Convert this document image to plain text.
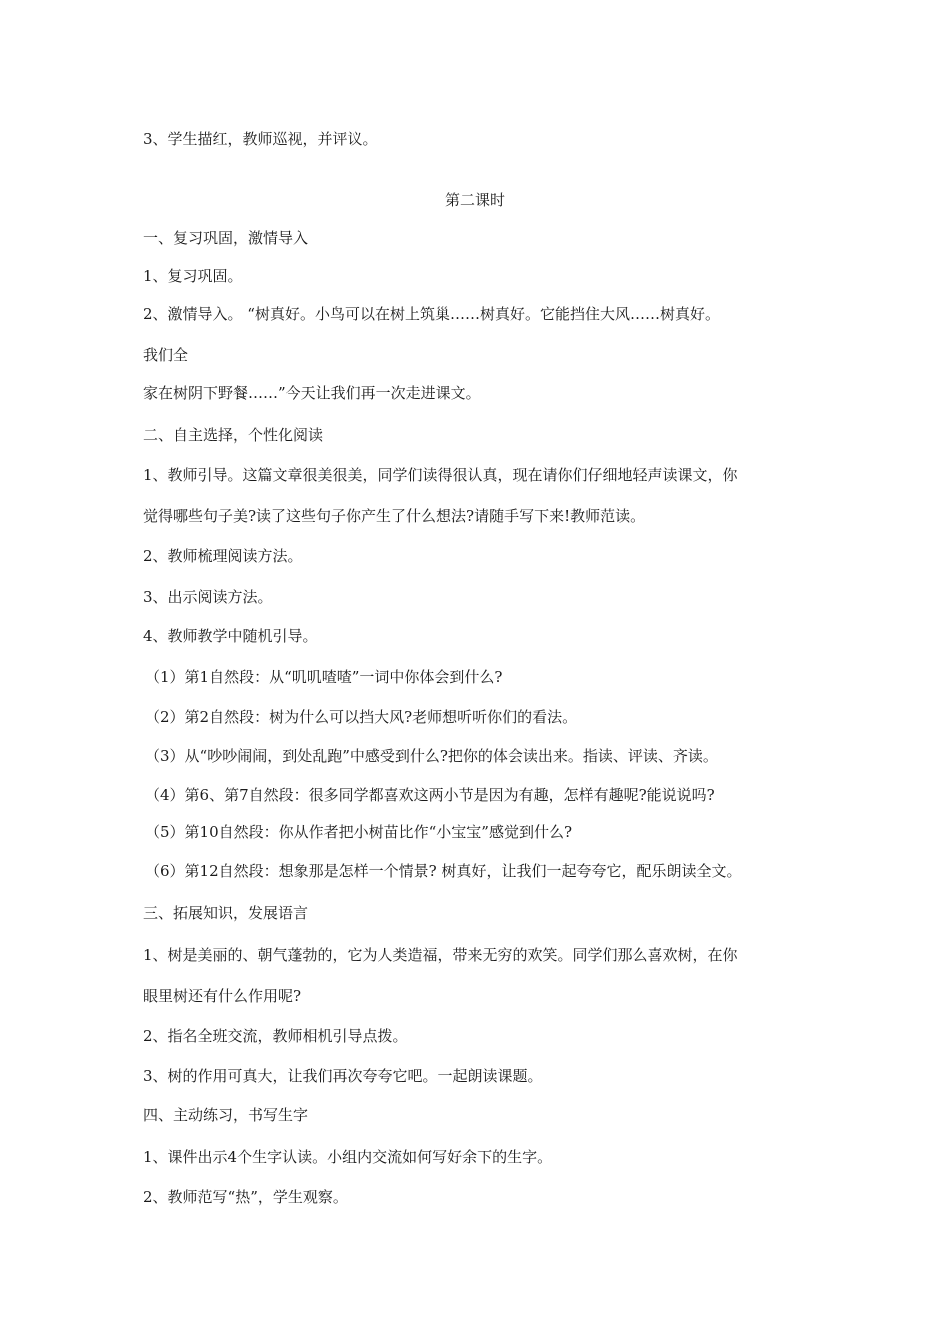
3、学生描红，教师巡视，并评议。
第二课时
一、复习巩固，激情导入
1、复习巩固。
2、激情导入。 “树真好。小鸟可以在树上筑巢……树真好。它能挡住大风……树真好。
我们全
家在树阴下野餐……”今天让我们再一次走进课文。
二、自主选择，个性化阅读
1、教师引导。这篇文章很美很美，同学们读得很认真，现在请你们仔细地轻声读课文，你
觉得哪些句子美?读了这些句子你产生了什么想法?请随手写下来!教师范读。
2、教师梳理阅读方法。
3、出示阅读方法。
4、教师教学中随机引导。
（1）第1自然段：从“叽叽喳喳”一词中你体会到什么?
（2）第2自然段：树为什么可以挡大风?老师想听听你们的看法。
（3）从“吵吵闹闹，到处乱跑”中感受到什么?把你的体会读出来。指读、评读、齐读。
（4）第6、第7自然段：很多同学都喜欢这两小节是因为有趣，怎样有趣呢?能说说吗?
（5）第10自然段：你从作者把小树苗比作“小宝宝”感觉到什么?
（6）第12自然段：想象那是怎样一个情景? 树真好，让我们一起夸夸它，配乐朗读全文。
三、拓展知识，发展语言
1、树是美丽的、朝气蓬勃的，它为人类造福，带来无穷的欢笑。同学们那么喜欢树，在你
眼里树还有什么作用呢?
2、指名全班交流，教师相机引导点拨。
3、树的作用可真大，让我们再次夸夸它吧。一起朗读课题。
四、主动练习，书写生字
1、课件出示4个生字认读。小组内交流如何写好余下的生字。
2、教师范写“热”，学生观察。
